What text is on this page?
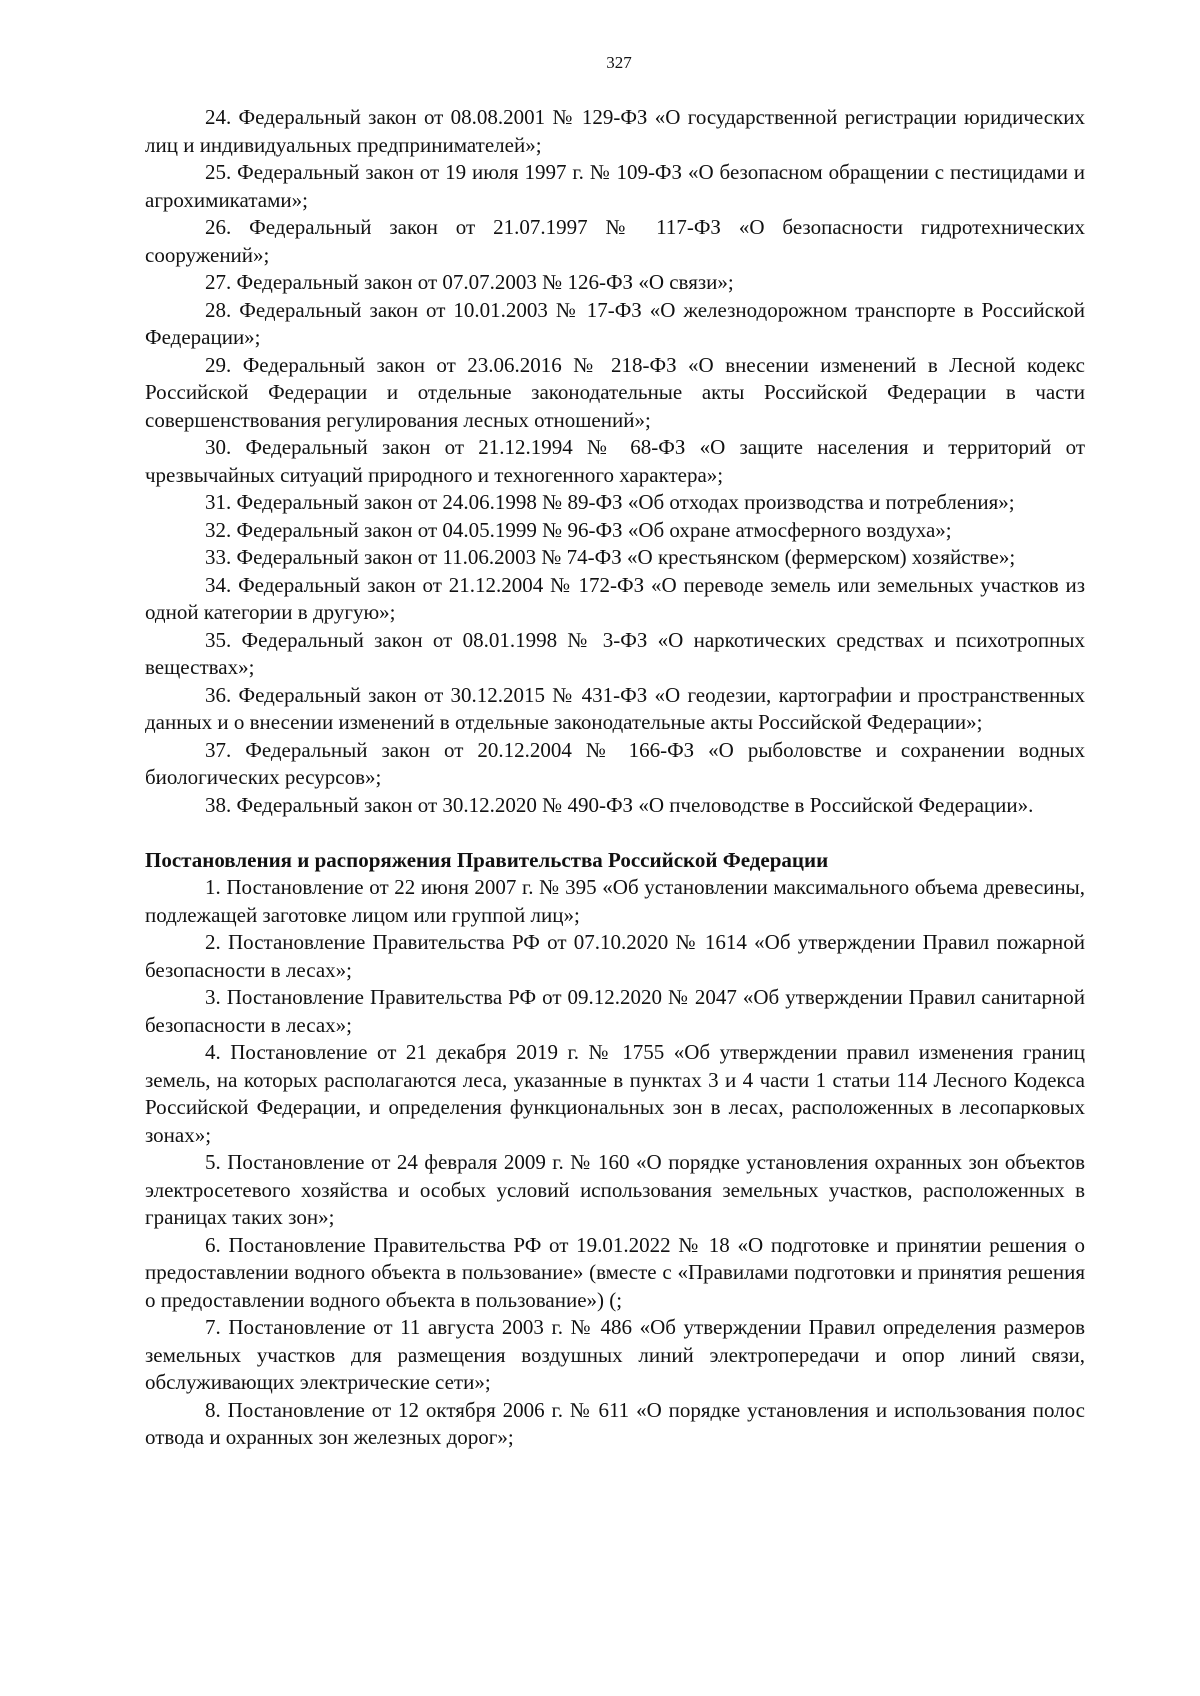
327

24. Федеральный закон от 08.08.2001 № 129-ФЗ «О государственной регистрации юридических лиц и индивидуальных предпринимателей»;

25. Федеральный закон от 19 июля 1997 г. № 109-ФЗ «О безопасном обращении с пестицидами и агрохимикатами»;

26. Федеральный закон от 21.07.1997 № 117-ФЗ «О безопасности гидротехнических сооружений»;

27. Федеральный закон от 07.07.2003 № 126-ФЗ «О связи»;

28. Федеральный закон от 10.01.2003 № 17-ФЗ «О железнодорожном транспорте в Российской Федерации»;

29. Федеральный закон от 23.06.2016 № 218-ФЗ «О внесении изменений в Лесной кодекс Российской Федерации и отдельные законодательные акты Российской Федерации в части совершенствования регулирования лесных отношений»;

30. Федеральный закон от 21.12.1994 № 68-ФЗ «О защите населения и территорий от чрезвычайных ситуаций природного и техногенного характера»;

31. Федеральный закон от 24.06.1998 № 89-ФЗ «Об отходах производства и потребления»;

32. Федеральный закон от 04.05.1999 № 96-ФЗ «Об охране атмосферного воздуха»;

33. Федеральный закон от 11.06.2003 № 74-ФЗ «О крестьянском (фермерском) хозяйстве»;

34. Федеральный закон от 21.12.2004 № 172-ФЗ «О переводе земель или земельных участков из одной категории в другую»;

35. Федеральный закон от 08.01.1998 № 3-ФЗ «О наркотических средствах и психотропных веществах»;

36. Федеральный закон от 30.12.2015 № 431-ФЗ «О геодезии, картографии и пространственных данных и о внесении изменений в отдельные законодательные акты Российской Федерации»;

37. Федеральный закон от 20.12.2004 № 166-ФЗ «О рыболовстве и сохранении водных биологических ресурсов»;

38. Федеральный закон от 30.12.2020 № 490-ФЗ «О пчеловодстве в Российской Федерации».

Постановления и распоряжения Правительства Российской Федерации

1. Постановление от 22 июня 2007 г. № 395 «Об установлении максимального объема древесины, подлежащей заготовке лицом или группой лиц»;

2. Постановление Правительства РФ от 07.10.2020 № 1614 «Об утверждении Правил пожарной безопасности в лесах»;

3. Постановление Правительства РФ от 09.12.2020 № 2047 «Об утверждении Правил санитарной безопасности в лесах»;

4. Постановление от 21 декабря 2019 г. № 1755 «Об утверждении правил изменения границ земель, на которых располагаются леса, указанные в пунктах 3 и 4 части 1 статьи 114 Лесного Кодекса Российской Федерации, и определения функциональных зон в лесах, расположенных в лесопарковых зонах»;

5. Постановление от 24 февраля 2009 г. № 160 «О порядке установления охранных зон объектов электросетевого хозяйства и особых условий использования земельных участков, расположенных в границах таких зон»;

6. Постановление Правительства РФ от 19.01.2022 № 18 «О подготовке и принятии решения о предоставлении водного объекта в пользование» (вместе с «Правилами подготовки и принятия решения о предоставлении водного объекта в пользование») (;

7. Постановление от 11 августа 2003 г. № 486 «Об утверждении Правил определения размеров земельных участков для размещения воздушных линий электропередачи и опор линий связи, обслуживающих электрические сети»;

8. Постановление от 12 октября 2006 г. № 611 «О порядке установления и использования полос отвода и охранных зон железных дорог»;
